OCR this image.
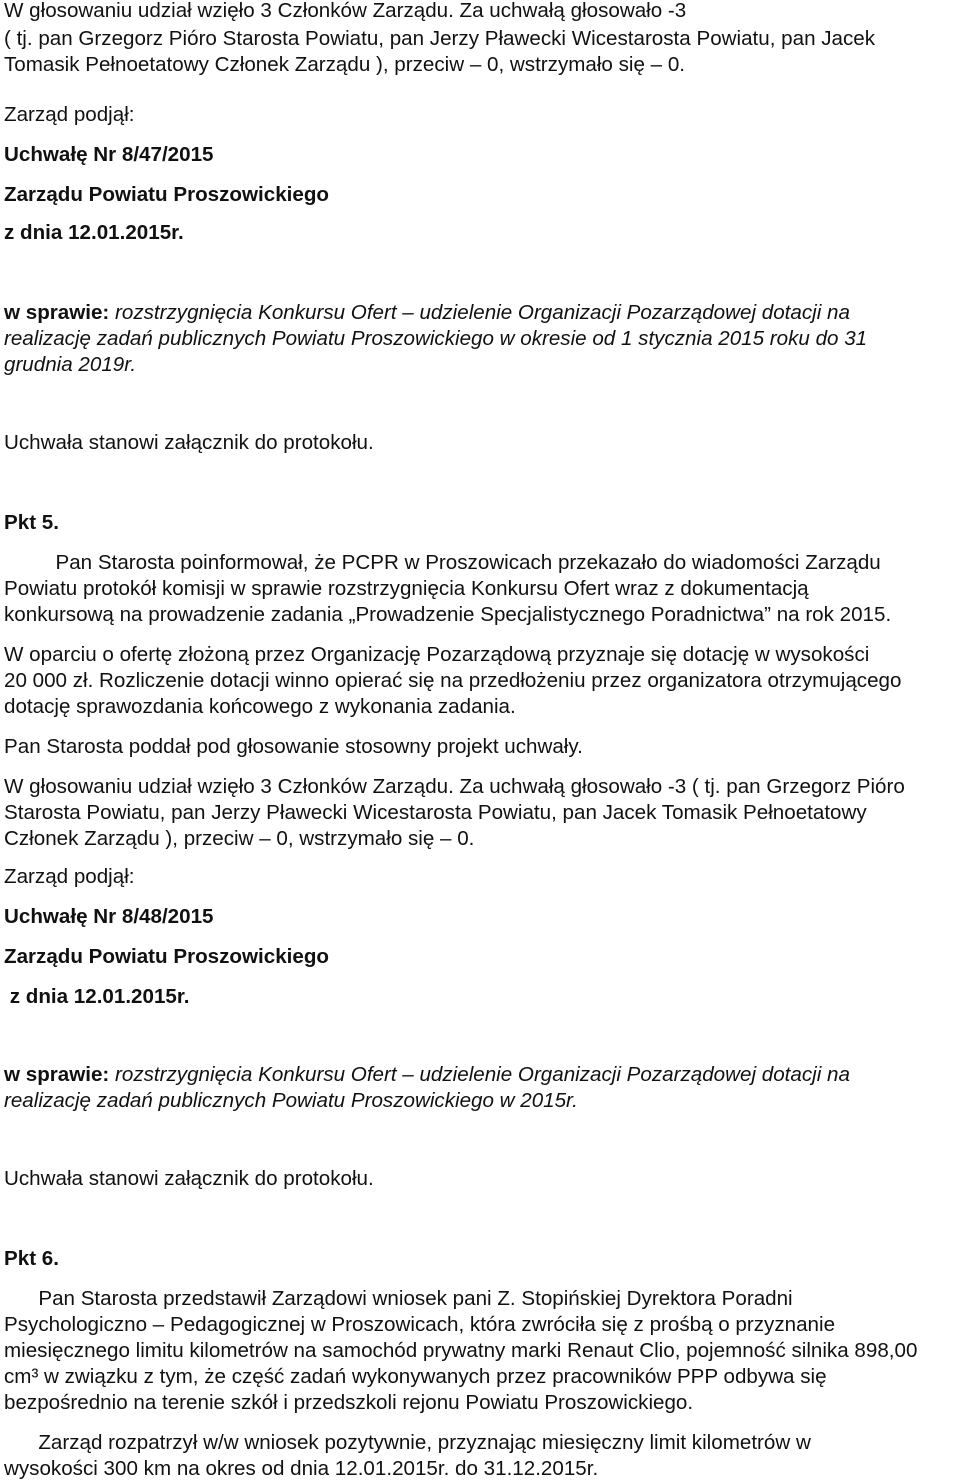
W głosowaniu udział wzięło 3 Członków Zarządu. Za uchwałą głosowało -3
( tj. pan Grzegorz Pióro Starosta Powiatu, pan Jerzy Pławecki Wicestarosta Powiatu, pan Jacek
Tomasik Pełnoetatowy Członek Zarządu ), przeciw – 0, wstrzymało się – 0.
Zarząd podjął:
Uchwałę Nr 8/47/2015
Zarządu Powiatu Proszowickiego
z dnia 12.01.2015r.
w sprawie: rozstrzygnięcia Konkursu Ofert – udzielenie Organizacji Pozarządowej dotacji na
realizację zadań publicznych Powiatu Proszowickiego w okresie od 1 stycznia 2015 roku do 31
grudnia 2019r.
Uchwała stanowi załącznik do protokołu.
Pkt 5.
Pan Starosta poinformował, że PCPR w Proszowicach przekazało do wiadomości Zarządu
Powiatu protokół komisji w sprawie rozstrzygnięcia Konkursu Ofert wraz z dokumentacją
konkursową na prowadzenie zadania „Prowadzenie Specjalistycznego Poradnictwa” na rok 2015.
W oparciu o ofertę złożoną przez Organizację Pozarządową przyznaje się dotację w wysokości
20 000 zł. Rozliczenie dotacji winno opierać się na przedłożeniu przez organizatora otrzymującego
dotację sprawozdania końcowego z wykonania zadania.
Pan Starosta poddał pod głosowanie stosowny projekt uchwały.
W głosowaniu udział wzięło 3 Członków Zarządu. Za uchwałą głosowało -3 ( tj. pan Grzegorz Pióro
Starosta Powiatu, pan Jerzy Pławecki Wicestarosta Powiatu, pan Jacek Tomasik Pełnoetatowy
Członek Zarządu ), przeciw – 0, wstrzymało się – 0.
Zarząd podjął:
Uchwałę Nr 8/48/2015
Zarządu Powiatu Proszowickiego
z dnia 12.01.2015r.
w sprawie: rozstrzygnięcia Konkursu Ofert – udzielenie Organizacji Pozarządowej dotacji na
realizację zadań publicznych Powiatu Proszowickiego w 2015r.
Uchwała stanowi załącznik do protokołu.
Pkt 6.
Pan Starosta przedstawił Zarządowi wniosek pani Z. Stopińskiej Dyrektora Poradni
Psychologiczno – Pedagogicznej w Proszowicach, która zwróciła się z prośbą o przyznanie
miesięcznego limitu kilometrów na samochód prywatny marki Renaut Clio, pojemność silnika 898,00
cm³ w związku z tym, że część zadań wykonywanych przez pracowników PPP odbywa się
bezpośrednio na terenie szkół i przedszkoli rejonu Powiatu Proszowickiego.
Zarząd rozpatrzył w/w wniosek pozytywnie, przyznając miesięczny limit kilometrów w
wysokości 300 km na okres od dnia 12.01.2015r. do 31.12.2015r.
